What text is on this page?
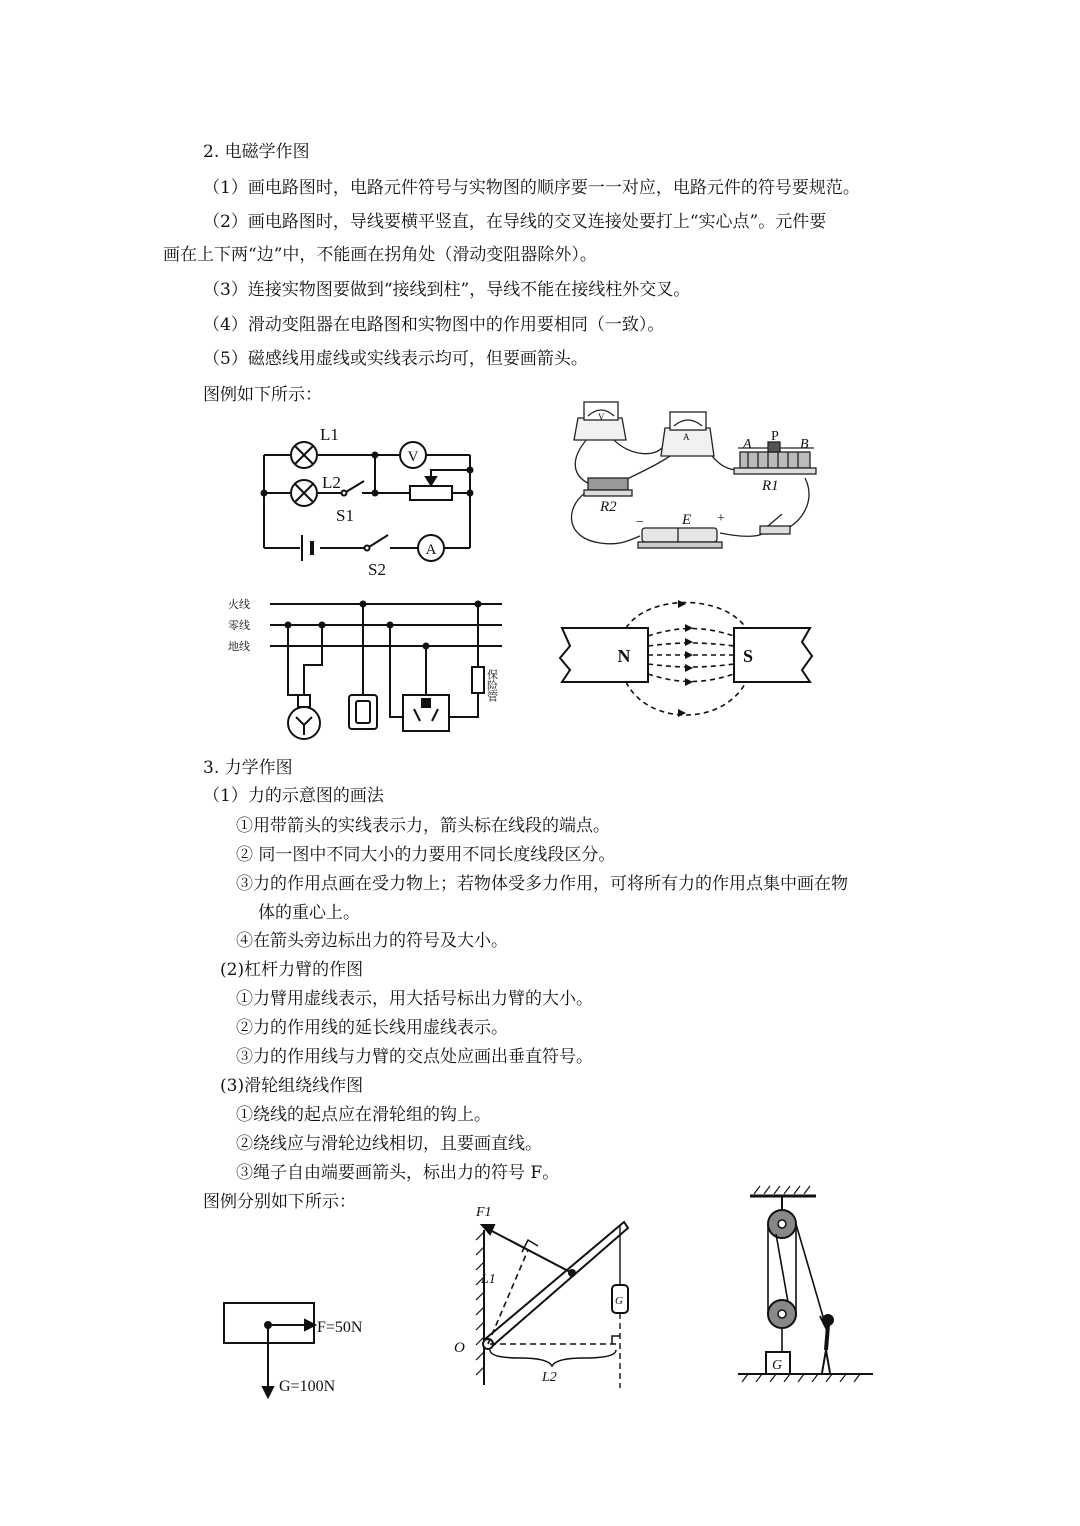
2. 电磁学作图
（1）画电路图时，电路元件符号与实物图的顺序要一一对应，电路元件的符号要规范。
（2）画电路图时，导线要横平竖直，在导线的交叉连接处要打上“实心点”。元件要
画在上下两“边”中，不能画在拐角处（滑动变阻器除外）。
（3）连接实物图要做到“接线到柱”，导线不能在接线柱外交叉。
（4）滑动变阻器在电路图和实物图中的作用要相同（一致）。
（5）磁感线用虚线或实线表示均可，但要画箭头。
图例如下所示：
V
A
L1
L2
S1
S2
V
A	A
P
B
R1
R2
E
−	+
火线
零线
地线
保险管
N	S
3. 力学作图
（1）力的示意图的画法
①用带箭头的实线表示力，箭头标在线段的端点。
② 同一图中不同大小的力要用不同长度线段区分。
③力的作用点画在受力物上；若物体受多力作用，可将所有力的作用点集中画在物
体的重心上。
④在箭头旁边标出力的符号及大小。
(2)杠杆力臂的作图
①力臂用虚线表示，用大括号标出力臂的大小。
②力的作用线的延长线用虚线表示。
③力的作用线与力臂的交点处应画出垂直符号。
(3)滑轮组绕线作图
①绕线的起点应在滑轮组的钩上。
②绕线应与滑轮边线相切，且要画直线。
③绳子自由端要画箭头，标出力的符号 F。
图例分别如下所示：
F=50N
G=100N
F1
L1
L2
O
G
G
